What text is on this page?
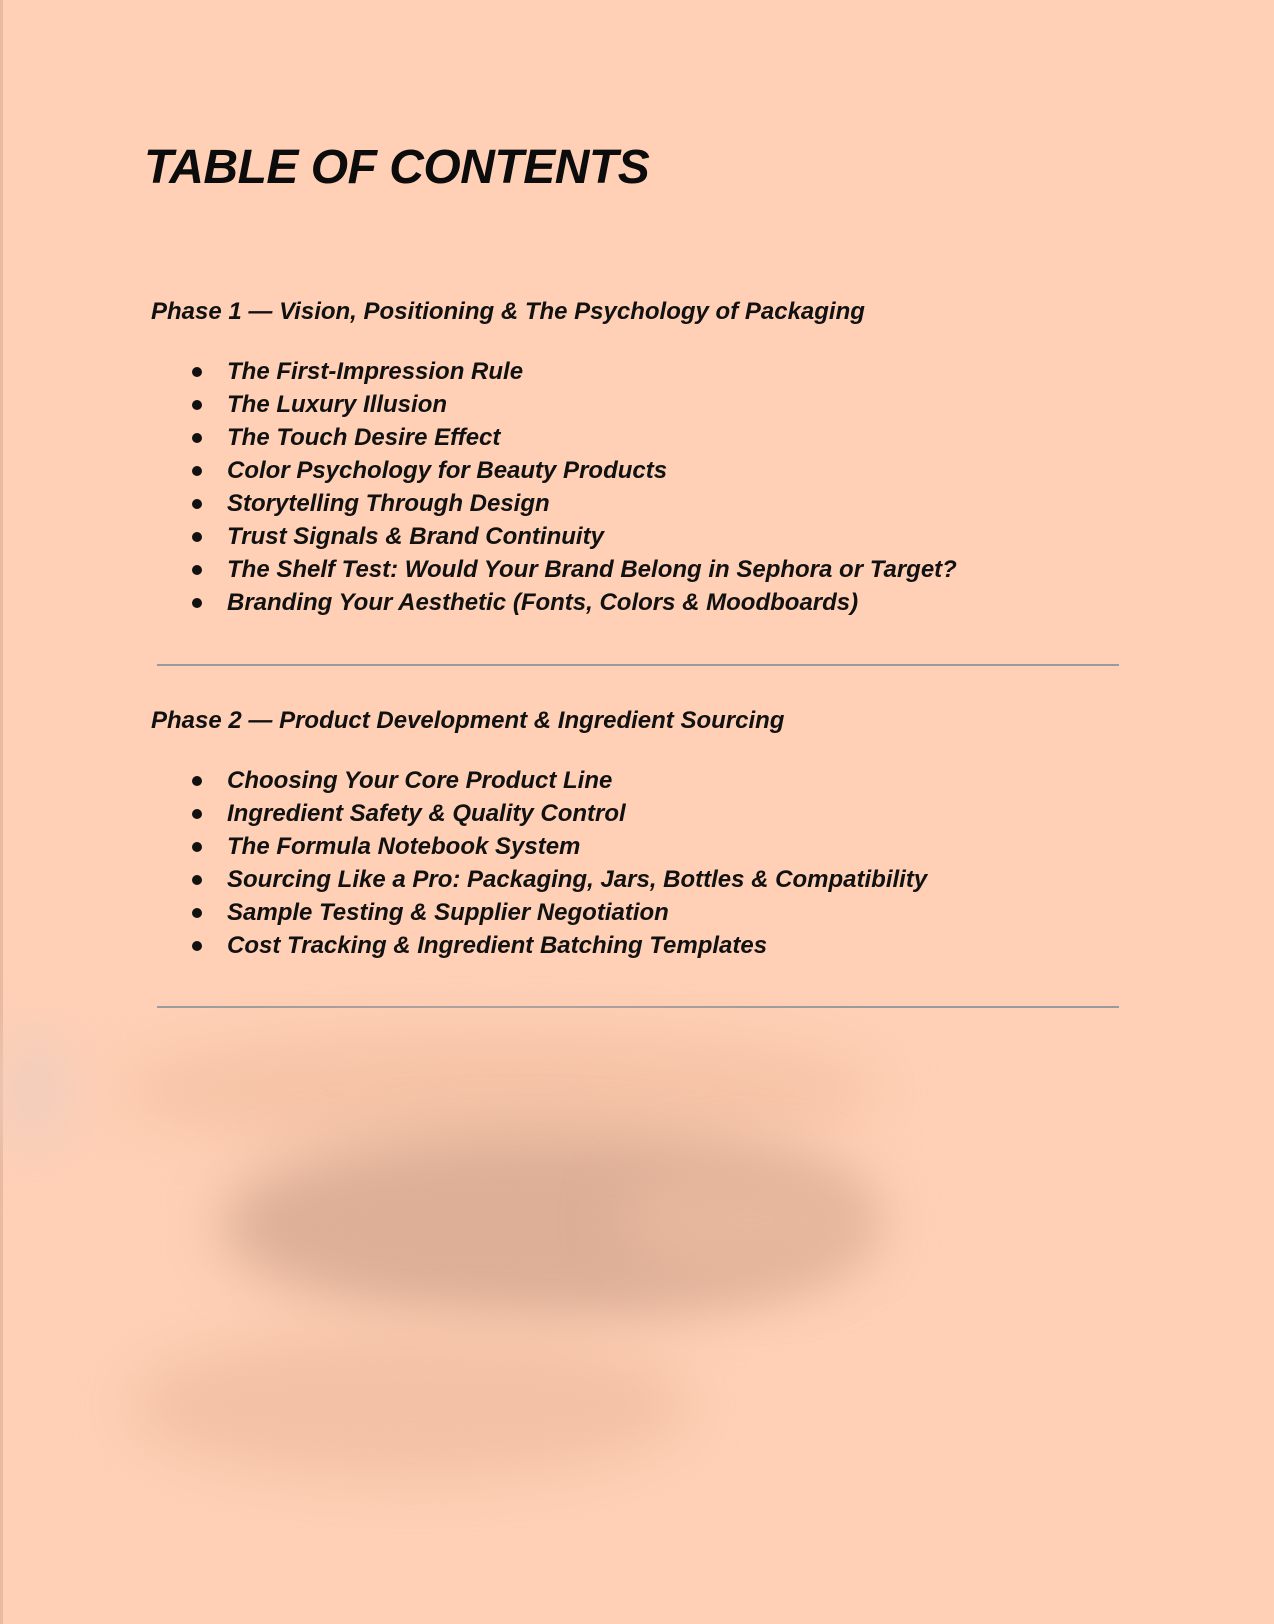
TABLE OF CONTENTS
Phase 1 — Vision, Positioning & The Psychology of Packaging
The First-Impression Rule
The Luxury Illusion
The Touch Desire Effect
Color Psychology for Beauty Products
Storytelling Through Design
Trust Signals & Brand Continuity
The Shelf Test: Would Your Brand Belong in Sephora or Target?
Branding Your Aesthetic (Fonts, Colors & Moodboards)
Phase 2 — Product Development & Ingredient Sourcing
Choosing Your Core Product Line
Ingredient Safety & Quality Control
The Formula Notebook System
Sourcing Like a Pro: Packaging, Jars, Bottles & Compatibility
Sample Testing & Supplier Negotiation
Cost Tracking & Ingredient Batching Templates
